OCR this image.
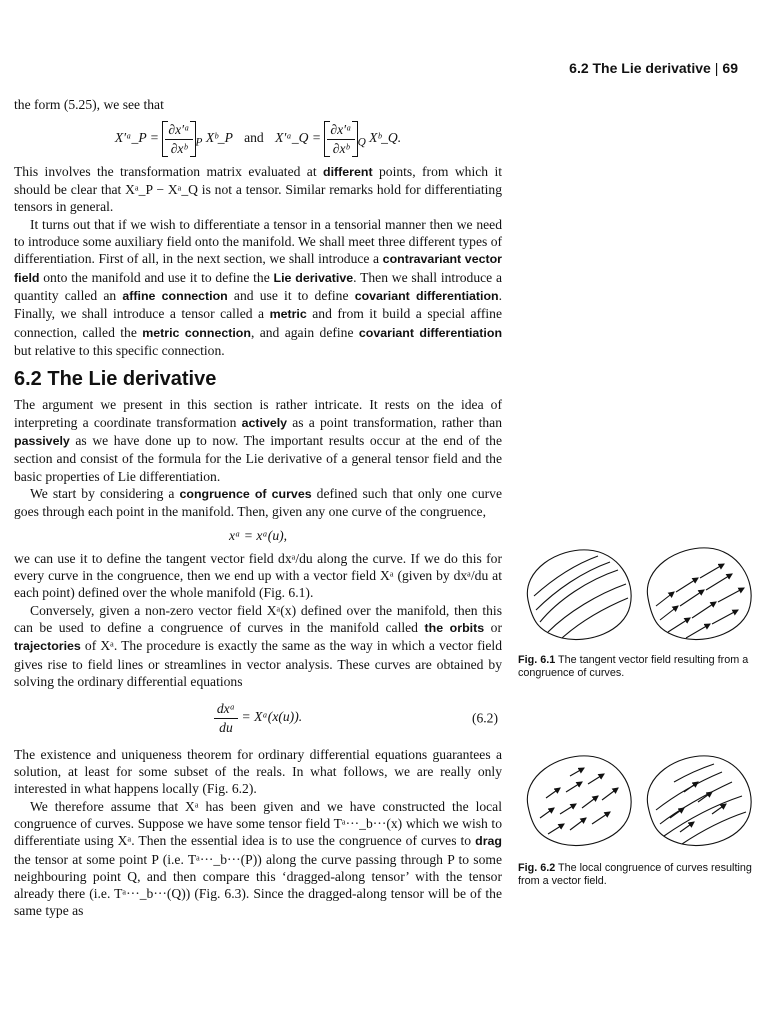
6.2 The Lie derivative | 69

the form (5.25), we see that

X′ᵃ_P = $\frac{\text{∂x′ᵃ}}{\text{∂xᵇ}} _P$ Xᵇ_P and X′ᵃ_Q = $\frac{\text{∂x′ᵃ}}{\text{∂xᵇ}} _Q$ Xᵇ_Q.

This involves the transformation matrix evaluated at different points, from which it should be clear that Xᵃ_P − Xᵃ_Q is not a tensor. Similar remarks hold for differentiating tensors in general.

It turns out that if we wish to differentiate a tensor in a tensorial manner then we need to introduce some auxiliary field onto the manifold. We shall meet three different types of differentiation. First of all, in the next section, we shall introduce a contravariant vector field onto the manifold and use it to define the Lie derivative. Then we shall introduce a quantity called an affine connection and use it to define covariant differentiation. Finally, we shall introduce a tensor called a metric and from it build a special affine connection, called the metric connection, and again define covariant differentiation but relative to this specific connection.

6.2 The Lie derivative

The argument we present in this section is rather intricate. It rests on the idea of interpreting a coordinate transformation actively as a point transformation, rather than passively as we have done up to now. The important results occur at the end of the section and consist of the formula for the Lie derivative of a general tensor field and the basic properties of Lie differentiation.

We start by considering a congruence of curves defined such that only one curve goes through each point in the manifold. Then, given any one curve of the congruence,

xᵃ = xᵃ(u),

we can use it to define the tangent vector field dxᵃ/du along the curve. If we do this for every curve in the congruence, then we end up with a vector field Xᵃ (given by dxᵃ/du at each point) defined over the whole manifold (Fig. 6.1).

Conversely, given a non-zero vector field Xᵃ(x) defined over the manifold, then this can be used to define a congruence of curves in the manifold called the orbits or trajectories of Xᵃ. The procedure is exactly the same as the way in which a vector field gives rise to field lines or streamlines in vector analysis. These curves are obtained by solving the ordinary differential equations

$\frac{\text{dxᵃ}}{du}$ = Xᵃ(x(u)).	(6.2)

The existence and uniqueness theorem for ordinary differential equations guarantees a solution, at least for some subset of the reals. In what follows, we are really only interested in what happens locally (Fig. 6.2).

We therefore assume that Xᵃ has been given and we have constructed the local congruence of curves. Suppose we have some tensor field Tᵃ···_b···(x) which we wish to differentiate using Xᵃ. Then the essential idea is to use the congruence of curves to drag the tensor at some point P (i.e. Tᵃ···_b···(P)) along the curve passing through P to some neighbouring point Q, and then compare this ‘dragged-along tensor’ with the tensor already there (i.e. Tᵃ···_b···(Q)) (Fig. 6.3). Since the dragged-along tensor will be of the same type as

Fig. 6.1 The tangent vector field resulting from a congruence of curves.
Fig. 6.2 The local congruence of curves resulting from a vector field.
